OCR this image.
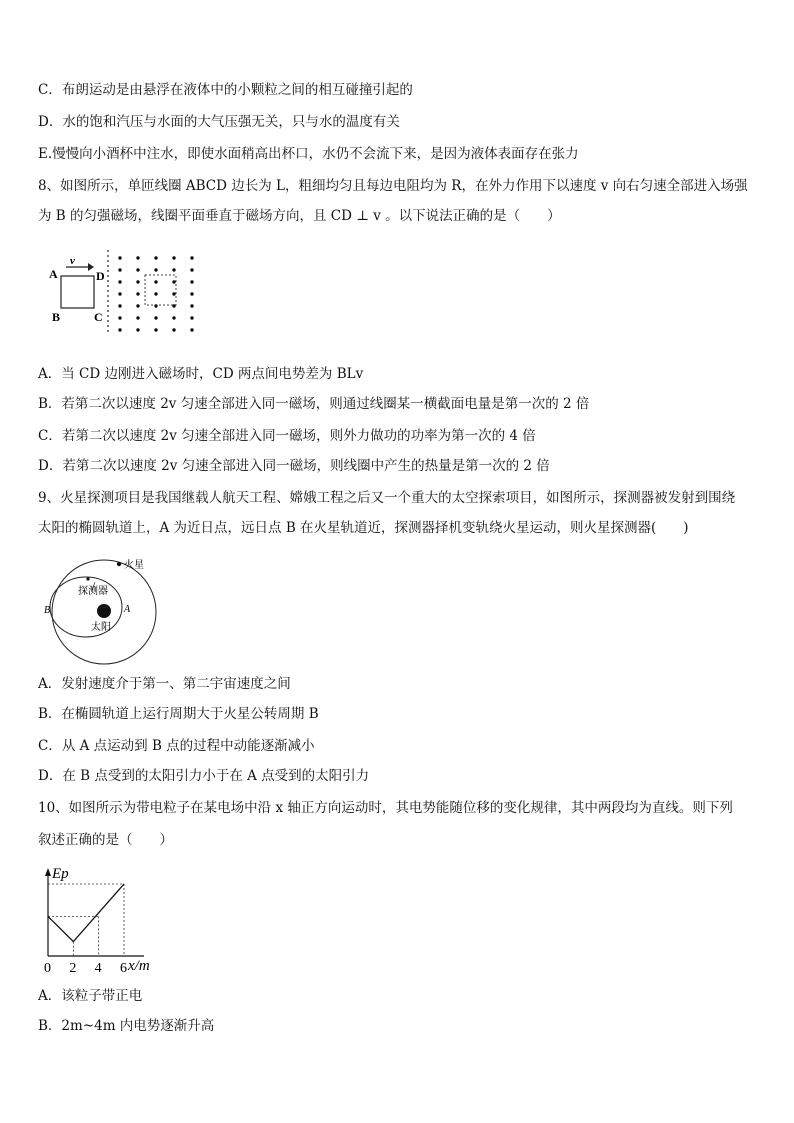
C．布朗运动是由悬浮在液体中的小颗粒之间的相互碰撞引起的
D．水的饱和汽压与水面的大气压强无关，只与水的温度有关
E.慢慢向小酒杯中注水，即使水面稍高出杯口，水仍不会流下来，是因为液体表面存在张力
8、如图所示，单匝线圈 ABCD 边长为 L，粗细均匀且每边电阻均为 R，在外力作用下以速度 v 向右匀速全部进入场强
为 B 的匀强磁场，线圈平面垂直于磁场方向，且 CD ⊥ v 。以下说法正确的是（　　）
v
A
B	C
D
A．当 CD 边刚进入磁场时，CD 两点间电势差为 BLv
B．若第二次以速度 2v 匀速全部进入同一磁场，则通过线圈某一横截面电量是第一次的 2 倍
C．若第二次以速度 2v 匀速全部进入同一磁场，则外力做功的功率为第一次的 4 倍
D．若第二次以速度 2v 匀速全部进入同一磁场，则线圈中产生的热量是第一次的 2 倍
9、火星探测项目是我国继载人航天工程、嫦娥工程之后又一个重大的太空探索项目，如图所示，探测器被发射到围绕
太阳的椭圆轨道上，A 为近日点，远日点 B 在火星轨道近，探测器择机变轨绕火星运动，则火星探测器(　　)
火星
探测器
太阳
B	A
A．发射速度介于第一、第二宇宙速度之间
B．在椭圆轨道上运行周期大于火星公转周期 B
C．从 A 点运动到 B 点的过程中动能逐渐减小
D．在 B 点受到的太阳引力小于在 A 点受到的太阳引力
10、如图所示为带电粒子在某电场中沿 x 轴正方向运动时，其电势能随位移的变化规律，其中两段均为直线。则下列
叙述正确的是（　　）
Ep
x/m
0 2 4 6
A．该粒子带正电
B．2m~4m 内电势逐渐升高
